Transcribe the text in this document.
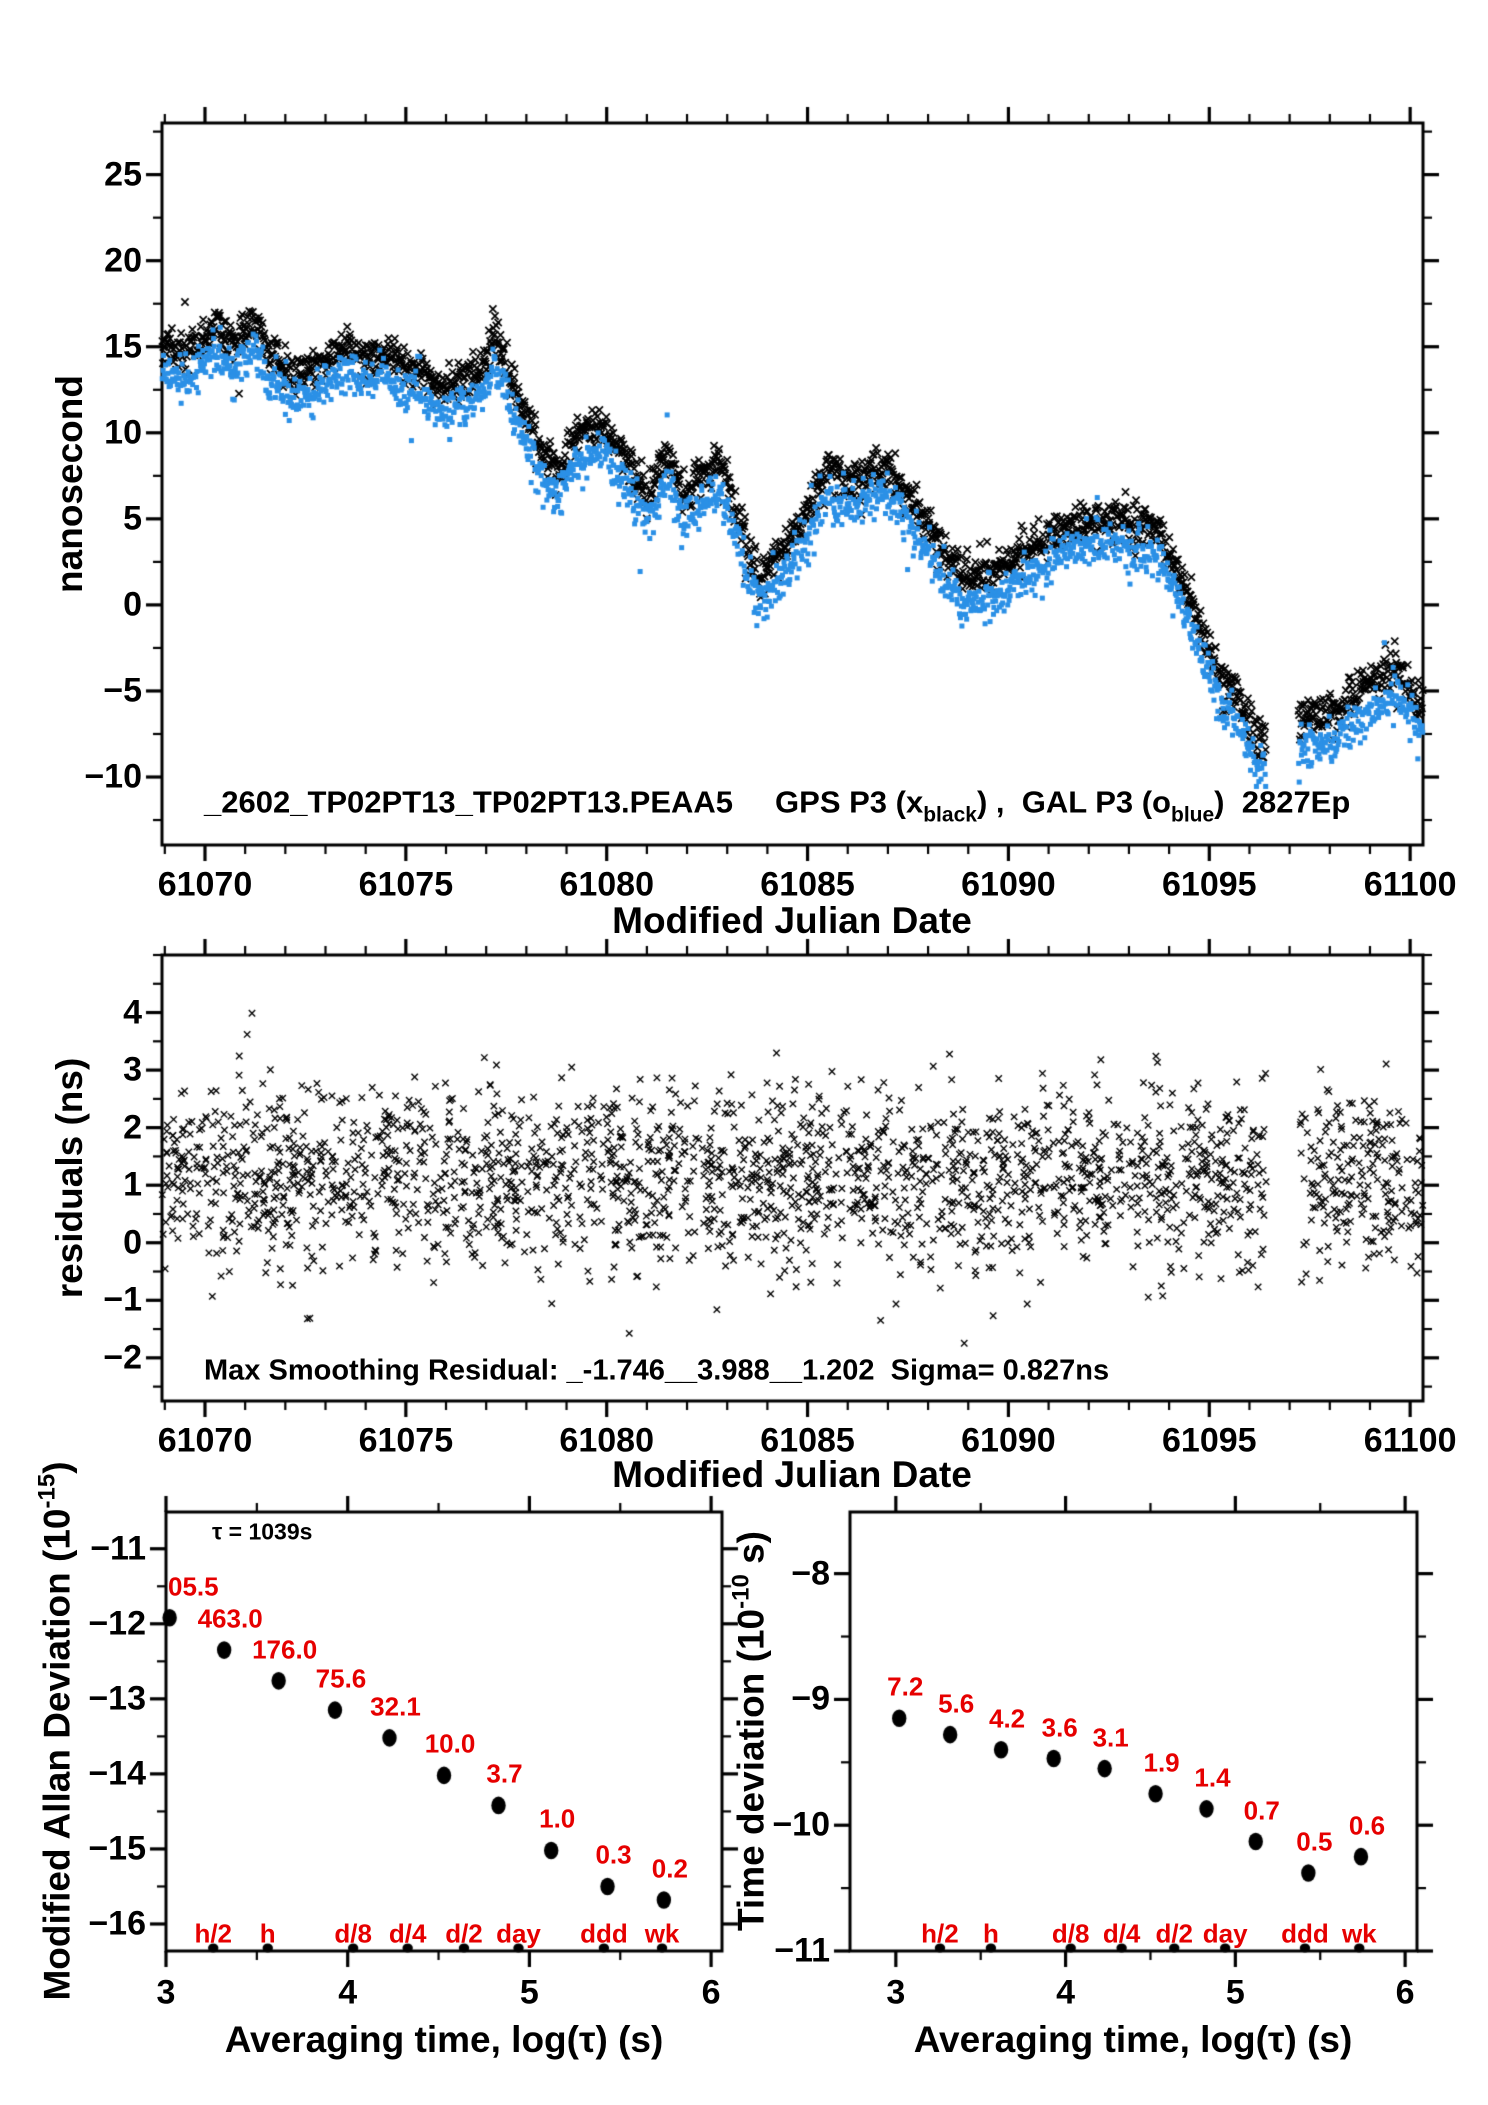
nanosecond
Modified Julian Date
_2602_TP02PT13_TP02PT13.PEAA5 GPS P3 $(x_{black})$ ,  GAL P3 $(o_{blue})$  2827Ep
residuals (ns)
Modified Julian Date
Max Smoothing Residual: _-1.746__3.988__1.202  Sigma= 0.827ns
Modified Allan Deviation $(10^{-15})$
Averaging time, log(τ) (s)
τ = 1039s
Time deviation ($10^{-10}$ s)
Averaging time, log(τ) (s)
61070	61075	61080	61085	61090	61095	61100
−10
−5
0
5
10
15
20
25
61070	61075	61080	61085	61090	61095	61100
−2
−1
0
1
2
3
4
3	4	5	6
−11
−12
−13
−14
−15
−16
3	4	5	6
−8
−9
−10
−11
05.5
463.0
176.0
75.6
32.1
10.0
3.7
1.0
0.3 0.2
h/2 h d/8 d/4 d/2 day ddd wk
7.2
5.6
4.2 3.6 3.1
1.9
1.4
0.7
0.5
0.6
h/2 h d/8 d/4 d/2 day ddd wk
